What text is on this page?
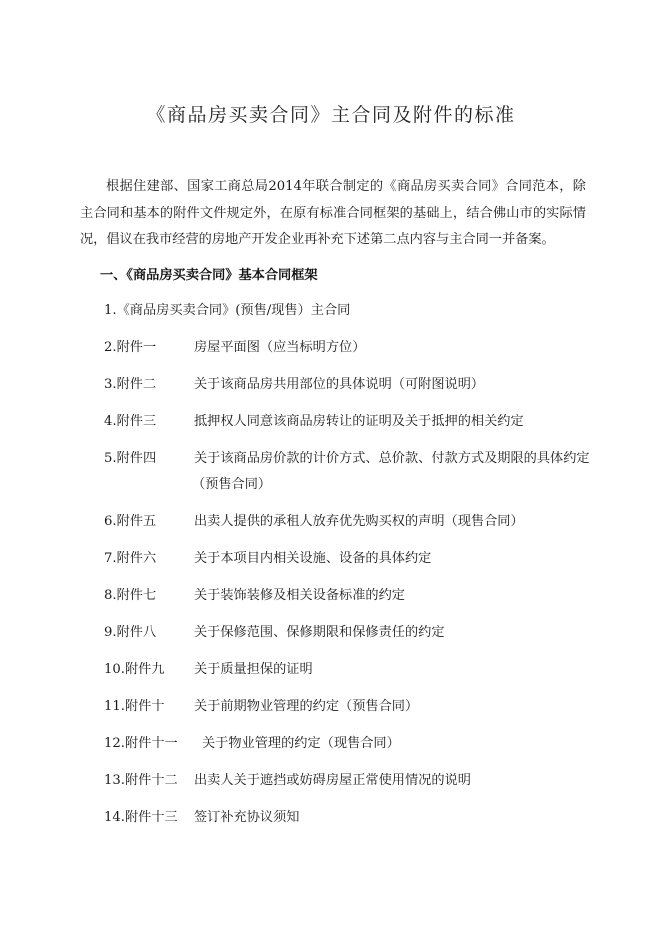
《商品房买卖合同》主合同及附件的标准

根据住建部、国家工商总局2014年联合制定的《商品房买卖合同》合同范本，除主合同和基本的附件文件规定外，在原有标准合同框架的基础上，结合佛山市的实际情况，倡议在我市经营的房地产开发企业再补充下述第二点内容与主合同一并备案。

一、《商品房买卖合同》基本合同框架
1.《商品房买卖合同》(预售/现售）主合同
2.附件一	房屋平面图（应当标明方位）
3.附件二	关于该商品房共用部位的具体说明（可附图说明）
4.附件三	抵押权人同意该商品房转让的证明及关于抵押的相关约定
5.附件四	关于该商品房价款的计价方式、总价款、付款方式及期限的具体约定（预售合同）
6.附件五	出卖人提供的承租人放弃优先购买权的声明（现售合同）
7.附件六	关于本项目内相关设施、设备的具体约定
8.附件七	关于装饰装修及相关设备标准的约定
9.附件八	关于保修范围、保修期限和保修责任的约定
10.附件九	关于质量担保的证明
11.附件十	关于前期物业管理的约定（预售合同）
12.附件十一	关于物业管理的约定（现售合同）
13.附件十二	出卖人关于遮挡或妨碍房屋正常使用情况的说明
14.附件十三	签订补充协议须知
